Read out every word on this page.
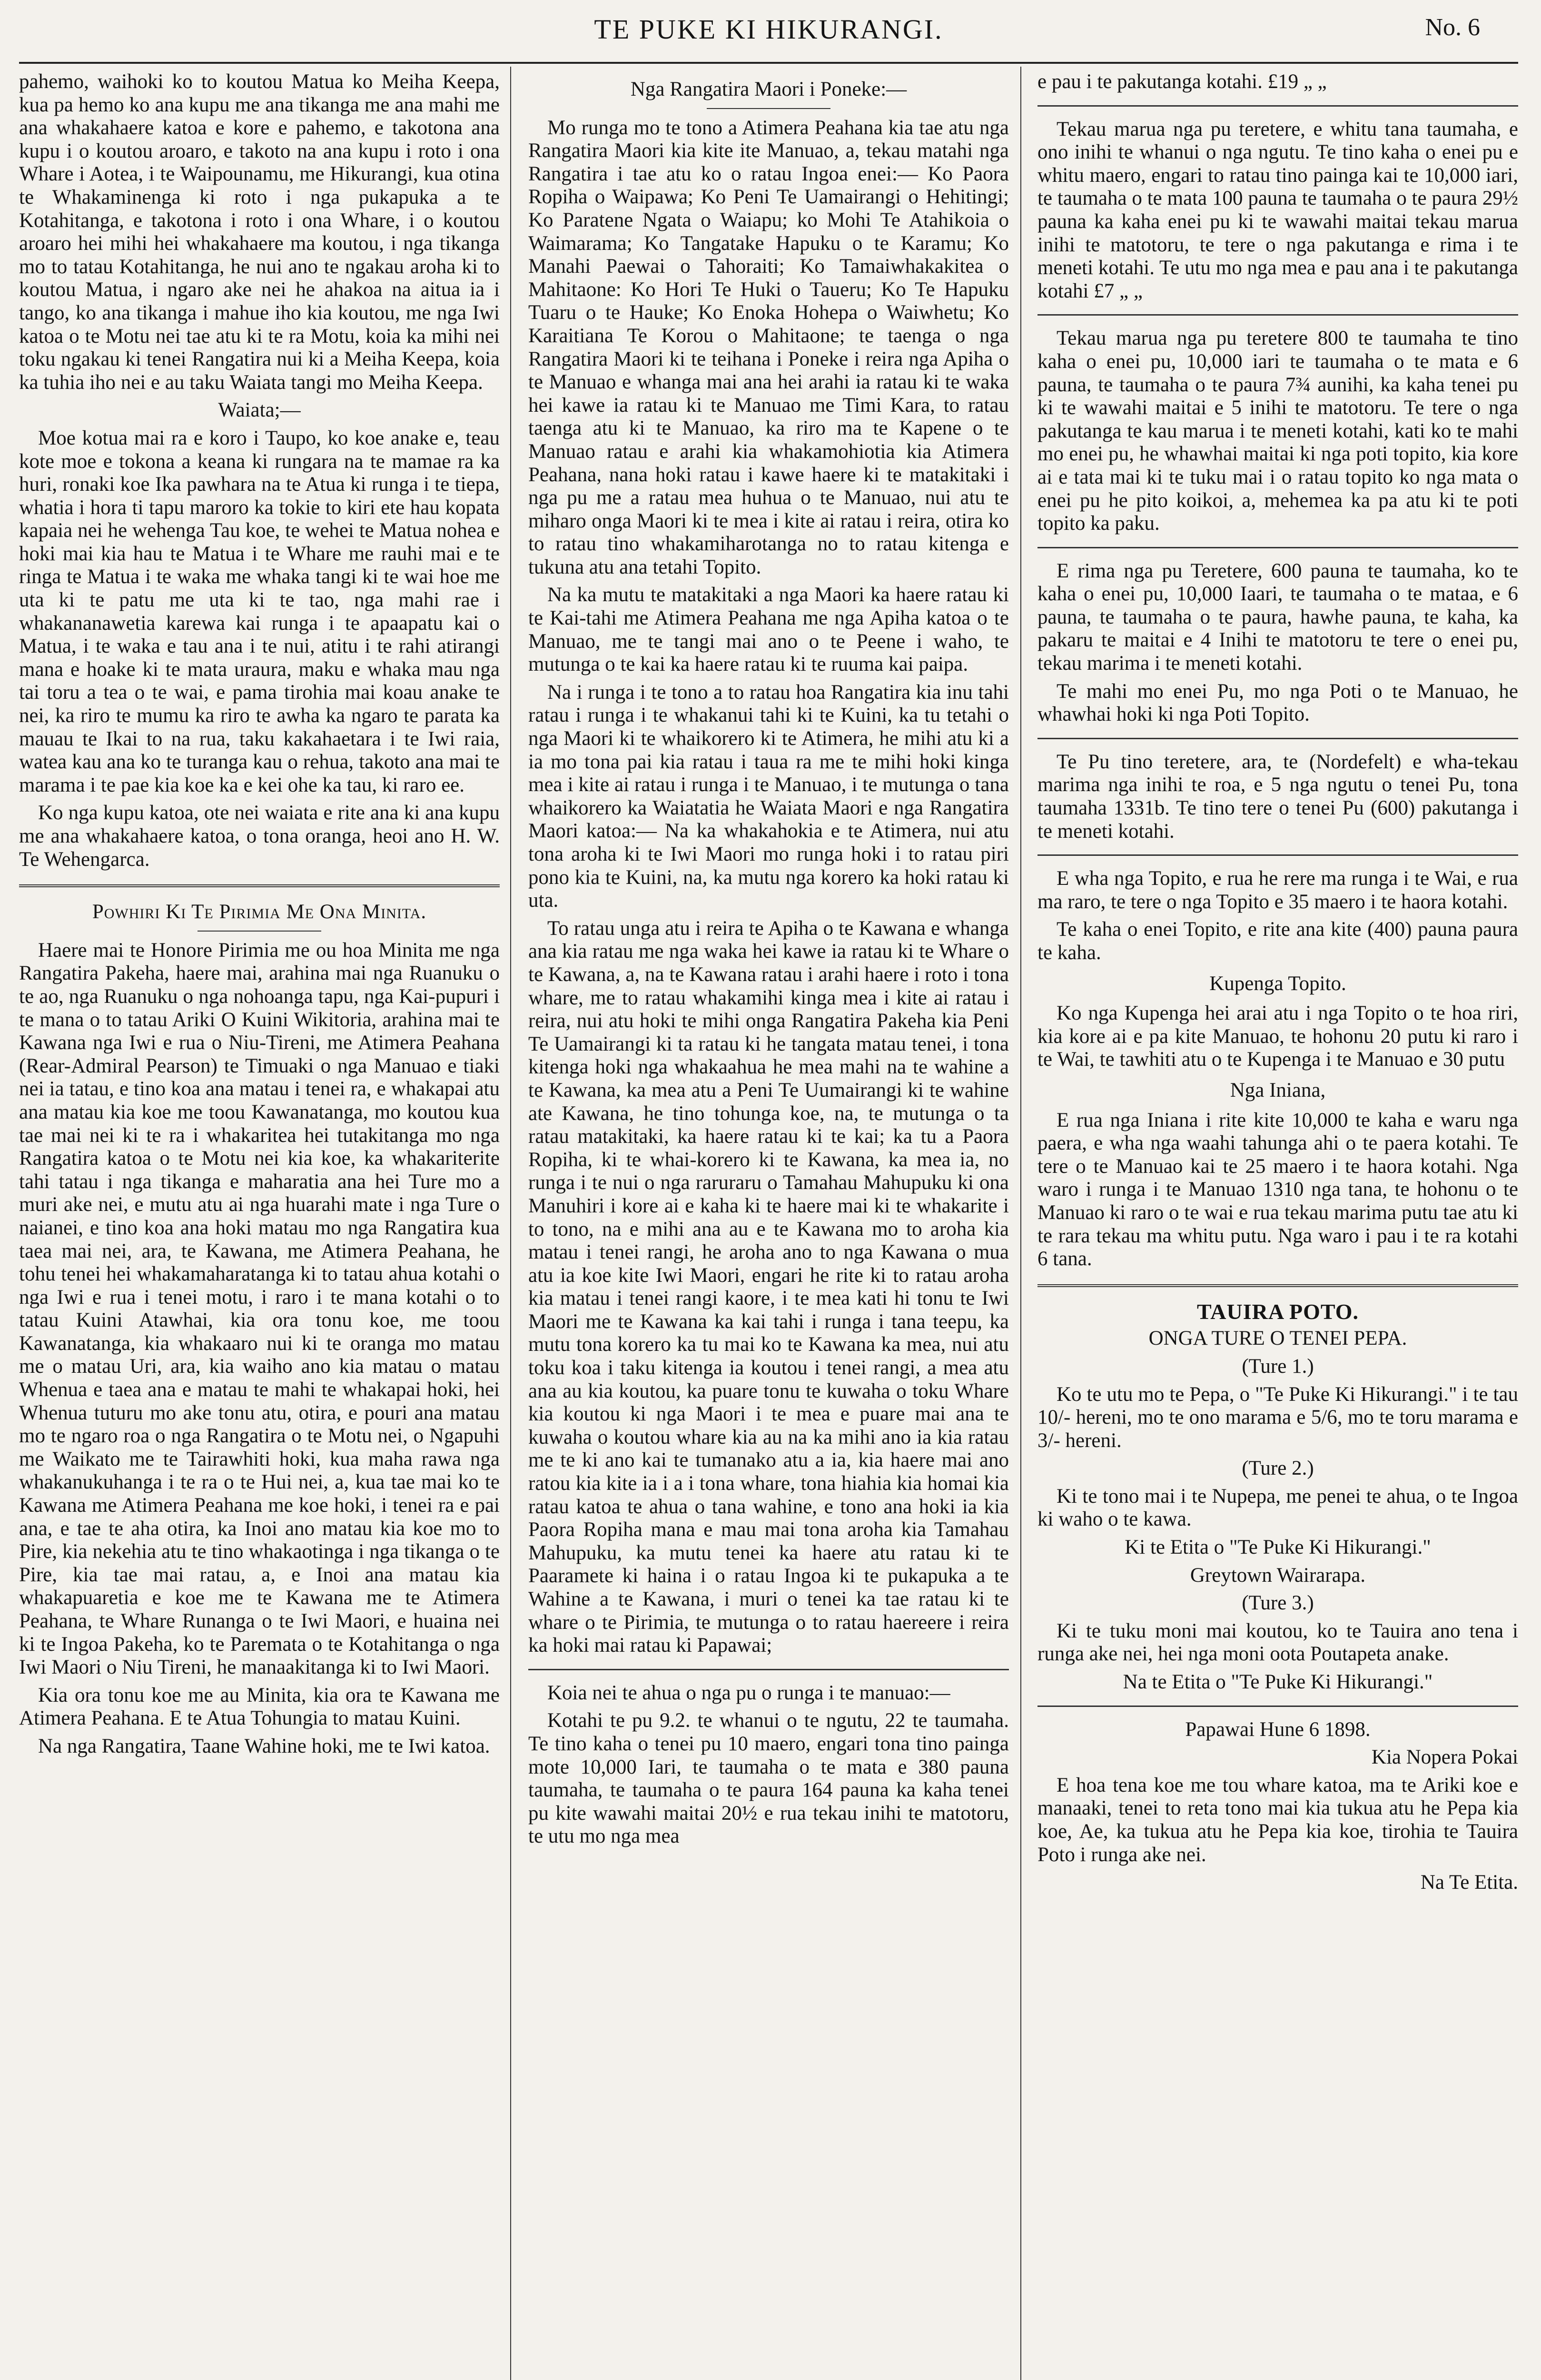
TE PUKE KI HIKURANGI.	No. 6

pahemo, waihoki ko to koutou Matua ko Meiha Keepa, kua pa hemo ko ana kupu me ana tikanga me ana mahi me ana whakahaere katoa e kore e pahemo, e takotona ana kupu i o koutou aroaro, e takoto na ana kupu i roto i ona Whare i Aotea, i te Waipounamu, me Hikurangi, kua otina te Whakaminenga ki roto i nga pukapuka a te Kotahitanga, e takotona i roto i ona Whare, i o koutou aroaro hei mihi hei whakahaere ma koutou, i nga tikanga mo to tatau Kotahitanga, he nui ano te ngakau aroha ki to koutou Matua, i ngaro ake nei he ahakoa na aitua ia i tango, ko ana tikanga i mahue iho kia koutou, me nga Iwi katoa o te Motu nei tae atu ki te ra Motu, koia ka mihi nei toku ngakau ki tenei Rangatira nui ki a Meiha Keepa, koia ka tuhia iho nei e au taku Waiata tangi mo Meiha Keepa.

Waiata;—

Moe kotua mai ra e koro i Taupo, ko koe anake e, teau kote moe e tokona a keana ki rungara na te mamae ra ka huri, ronaki koe Ika pawhara na te Atua ki runga i te tiepa, whatia i hora ti tapu maroro ka tokie to kiri ete hau kopata kapaia nei he wehenga Tau koe, te wehei te Matua nohea e hoki mai kia hau te Matua i te Whare me rauhi mai e te ringa te Matua i te waka me whaka tangi ki te wai hoe me uta ki te patu me uta ki te tao, nga mahi rae i whakananawetia karewa kai runga i te apaapatu kai o Matua, i te waka e tau ana i te nui, atitu i te rahi atirangi mana e hoake ki te mata uraura, maku e whaka mau nga tai toru a tea o te wai, e pama tirohia mai koau anake te nei, ka riro te mumu ka riro te awha ka ngaro te parata ka mauau te Ikai to na rua, taku kakahaetara i te Iwi raia, watea kau ana ko te turanga kau o rehua, takoto ana mai te marama i te pae kia koe ka e kei ohe ka tau, ki raro ee.

Ko nga kupu katoa, ote nei waiata e rite ana ki ana kupu me ana whakahaere katoa, o tona oranga, heoi ano H. W. Te Wehengarca.

Powhiri Ki Te Pirimia Me Ona Minita.

Haere mai te Honore Pirimia me ou hoa Minita me nga Rangatira Pakeha, haere mai, arahina mai nga Ruanuku o te ao, nga Ruanuku o nga nohoanga tapu, nga Kai-pupuri i te mana o to tatau Ariki O Kuini Wikitoria, arahina mai te Kawana nga Iwi e rua o Niu-Tireni, me Atimera Peahana (Rear-Admiral Pearson) te Timuaki o nga Manuao e tiaki nei ia tatau, e tino koa ana matau i tenei ra, e whakapai atu ana matau kia koe me toou Kawanatanga, mo koutou kua tae mai nei ki te ra i whakaritea hei tutakitanga mo nga Rangatira katoa o te Motu nei kia koe, ka whakariterite tahi tatau i nga tikanga e maharatia ana hei Ture mo a muri ake nei, e mutu atu ai nga huarahi mate i nga Ture o naianei, e tino koa ana hoki matau mo nga Rangatira kua taea mai nei, ara, te Kawana, me Atimera Peahana, he tohu tenei hei whakamaharatanga ki to tatau ahua kotahi o nga Iwi e rua i tenei motu, i raro i te mana kotahi o to tatau Kuini Atawhai, kia ora tonu koe, me toou Kawanatanga, kia whakaaro nui ki te oranga mo matau me o matau Uri, ara, kia waiho ano kia matau o matau Whenua e taea ana e matau te mahi te whakapai hoki, hei Whenua tuturu mo ake tonu atu, otira, e pouri ana matau mo te ngaro roa o nga Rangatira o te Motu nei, o Ngapuhi me Waikato me te Tairawhiti hoki, kua maha rawa nga whakanukuhanga i te ra o te Hui nei, a, kua tae mai ko te Kawana me Atimera Peahana me koe hoki, i tenei ra e pai ana, e tae te aha otira, ka Inoi ano matau kia koe mo to Pire, kia nekehia atu te tino whakaotinga i nga tikanga o te Pire, kia tae mai ratau, a, e Inoi ana matau kia whakapuaretia e koe me te Kawana me te Atimera Peahana, te Whare Runanga o te Iwi Maori, e huaina nei ki te Ingoa Pakeha, ko te Paremata o te Kotahitanga o nga Iwi Maori o Niu Tireni, he manaakitanga ki to Iwi Maori.

Kia ora tonu koe me au Minita, kia ora te Kawana me Atimera Peahana. E te Atua Tohungia to matau Kuini.

Na nga Rangatira, Taane Wahine hoki, me te Iwi katoa.

Nga Rangatira Maori i Poneke:—

Mo runga mo te tono a Atimera Peahana kia tae atu nga Rangatira Maori kia kite ite Manuao, a, tekau matahi nga Rangatira i tae atu ko o ratau Ingoa enei:— Ko Paora Ropiha o Waipawa; Ko Peni Te Uamairangi o Hehitingi; Ko Paratene Ngata o Waiapu; ko Mohi Te Atahikoia o Waimarama; Ko Tangatake Hapuku o te Karamu; Ko Manahi Paewai o Tahoraiti; Ko Tamaiwhakakitea o Mahitaone: Ko Hori Te Huki o Taueru; Ko Te Hapuku Tuaru o te Hauke; Ko Enoka Hohepa o Waiwhetu; Ko Karaitiana Te Korou o Mahitaone; te taenga o nga Rangatira Maori ki te teihana i Poneke i reira nga Apiha o te Manuao e whanga mai ana hei arahi ia ratau ki te waka hei kawe ia ratau ki te Manuao me Timi Kara, to ratau taenga atu ki te Manuao, ka riro ma te Kapene o te Manuao ratau e arahi kia whakamohiotia kia Atimera Peahana, nana hoki ratau i kawe haere ki te matakitaki i nga pu me a ratau mea huhua o te Manuao, nui atu te miharo onga Maori ki te mea i kite ai ratau i reira, otira ko to ratau tino whakamiharotanga no to ratau kitenga e tukuna atu ana tetahi Topito.

Na ka mutu te matakitaki a nga Maori ka haere ratau ki te Kai-tahi me Atimera Peahana me nga Apiha katoa o te Manuao, me te tangi mai ano o te Peene i waho, te mutunga o te kai ka haere ratau ki te ruuma kai paipa.

Na i runga i te tono a to ratau hoa Rangatira kia inu tahi ratau i runga i te whakanui tahi ki te Kuini, ka tu tetahi o nga Maori ki te whaikorero ki te Atimera, he mihi atu ki a ia mo tona pai kia ratau i taua ra me te mihi hoki kinga mea i kite ai ratau i runga i te Manuao, i te mutunga o tana whaikorero ka Waiatatia he Waiata Maori e nga Rangatira Maori katoa:— Na ka whakahokia e te Atimera, nui atu tona aroha ki te Iwi Maori mo runga hoki i to ratau piri pono kia te Kuini, na, ka mutu nga korero ka hoki ratau ki uta.

To ratau unga atu i reira te Apiha o te Kawana e whanga ana kia ratau me nga waka hei kawe ia ratau ki te Whare o te Kawana, a, na te Kawana ratau i arahi haere i roto i tona whare, me to ratau whakamihi kinga mea i kite ai ratau i reira, nui atu hoki te mihi onga Rangatira Pakeha kia Peni Te Uamairangi ki ta ratau ki he tangata matau tenei, i tona kitenga hoki nga whakaahua he mea mahi na te wahine a te Kawana, ka mea atu a Peni Te Uumairangi ki te wahine ate Kawana, he tino tohunga koe, na, te mutunga o ta ratau matakitaki, ka haere ratau ki te kai; ka tu a Paora Ropiha, ki te whai-korero ki te Kawana, ka mea ia, no runga i te nui o nga raruraru o Tamahau Mahupuku ki ona Manuhiri i kore ai e kaha ki te haere mai ki te whakarite i to tono, na e mihi ana au e te Kawana mo to aroha kia matau i tenei rangi, he aroha ano to nga Kawana o mua atu ia koe kite Iwi Maori, engari he rite ki to ratau aroha kia matau i tenei rangi kaore, i te mea kati hi tonu te Iwi Maori me te Kawana ka kai tahi i runga i tana teepu, ka mutu tona korero ka tu mai ko te Kawana ka mea, nui atu toku koa i taku kitenga ia koutou i tenei rangi, a mea atu ana au kia koutou, ka puare tonu te kuwaha o toku Whare kia koutou ki nga Maori i te mea e puare mai ana te kuwaha o koutou whare kia au na ka mihi ano ia kia ratau me te ki ano kai te tumanako atu a ia, kia haere mai ano ratou kia kite ia i a i tona whare, tona hiahia kia homai kia ratau katoa te ahua o tana wahine, e tono ana hoki ia kia Paora Ropiha mana e mau mai tona aroha kia Tamahau Mahupuku, ka mutu tenei ka haere atu ratau ki te Paaramete ki haina i o ratau Ingoa ki te pukapuka a te Wahine a te Kawana, i muri o tenei ka tae ratau ki te whare o te Pirimia, te mutunga o to ratau haereere i reira ka hoki mai ratau ki Papawai;

Koia nei te ahua o nga pu o runga i te manuao:—

Kotahi te pu 9.2. te whanui o te ngutu, 22 te taumaha. Te tino kaha o tenei pu 10 maero, engari tona tino painga mote 10,000 Iari, te taumaha o te mata e 380 pauna taumaha, te taumaha o te paura 164 pauna ka kaha tenei pu kite wawahi maitai 20½ e rua tekau inihi te matotoru, te utu mo nga mea

e pau i te pakutanga kotahi. £19 „ „

Tekau marua nga pu teretere, e whitu tana taumaha, e ono inihi te whanui o nga ngutu. Te tino kaha o enei pu e whitu maero, engari to ratau tino painga kai te 10,000 iari, te taumaha o te mata 100 pauna te taumaha o te paura 29½ pauna ka kaha enei pu ki te wawahi maitai tekau marua inihi te matotoru, te tere o nga pakutanga e rima i te meneti kotahi. Te utu mo nga mea e pau ana i te pakutanga kotahi £7 „ „

Tekau marua nga pu teretere 800 te taumaha te tino kaha o enei pu, 10,000 iari te taumaha o te mata e 6 pauna, te taumaha o te paura 7¾ aunihi, ka kaha tenei pu ki te wawahi maitai e 5 inihi te matotoru. Te tere o nga pakutanga te kau marua i te meneti kotahi, kati ko te mahi mo enei pu, he whawhai maitai ki nga poti topito, kia kore ai e tata mai ki te tuku mai i o ratau topito ko nga mata o enei pu he pito koikoi, a, mehemea ka pa atu ki te poti topito ka paku.

E rima nga pu Teretere, 600 pauna te taumaha, ko te kaha o enei pu, 10,000 Iaari, te taumaha o te mataa, e 6 pauna, te taumaha o te paura, hawhe pauna, te kaha, ka pakaru te maitai e 4 Inihi te matotoru te tere o enei pu, tekau marima i te meneti kotahi.

Te mahi mo enei Pu, mo nga Poti o te Manuao, he whawhai hoki ki nga Poti Topito.

Te Pu tino teretere, ara, te (Nordefelt) e wha-tekau marima nga inihi te roa, e 5 nga ngutu o tenei Pu, tona taumaha 1331b. Te tino tere o tenei Pu (600) pakutanga i te meneti kotahi.

E wha nga Topito, e rua he rere ma runga i te Wai, e rua ma raro, te tere o nga Topito e 35 maero i te haora kotahi.

Te kaha o enei Topito, e rite ana kite (400) pauna paura te kaha.

Kupenga Topito.

Ko nga Kupenga hei arai atu i nga Topito o te hoa riri, kia kore ai e pa kite Manuao, te hohonu 20 putu ki raro i te Wai, te tawhiti atu o te Kupenga i te Manuao e 30 putu

Nga Iniana,

E rua nga Iniana i rite kite 10,000 te kaha e waru nga paera, e wha nga waahi tahunga ahi o te paera kotahi. Te tere o te Manuao kai te 25 maero i te haora kotahi. Nga waro i runga i te Manuao 1310 nga tana, te hohonu o te Manuao ki raro o te wai e rua tekau marima putu tae atu ki te rara tekau ma whitu putu. Nga waro i pau i te ra kotahi 6 tana.

TAUIRA POTO.

ONGA TURE O TENEI PEPA.

(Ture 1.)

Ko te utu mo te Pepa, o "Te Puke Ki Hikurangi." i te tau 10/- hereni, mo te ono marama e 5/6, mo te toru marama e 3/- hereni.

(Ture 2.)

Ki te tono mai i te Nupepa, me penei te ahua, o te Ingoa ki waho o te kawa.

Ki te Etita o "Te Puke Ki Hikurangi."

Greytown Wairarapa.

(Ture 3.)

Ki te tuku moni mai koutou, ko te Tauira ano tena i runga ake nei, hei nga moni oota Poutapeta anake.

Na te Etita o "Te Puke Ki Hikurangi."

Papawai Hune 6 1898.

Kia Nopera Pokai

E hoa tena koe me tou whare katoa, ma te Ariki koe e manaaki, tenei to reta tono mai kia tukua atu he Pepa kia koe, Ae, ka tukua atu he Pepa kia koe, tirohia te Tauira Poto i runga ake nei.

Na Te Etita.
